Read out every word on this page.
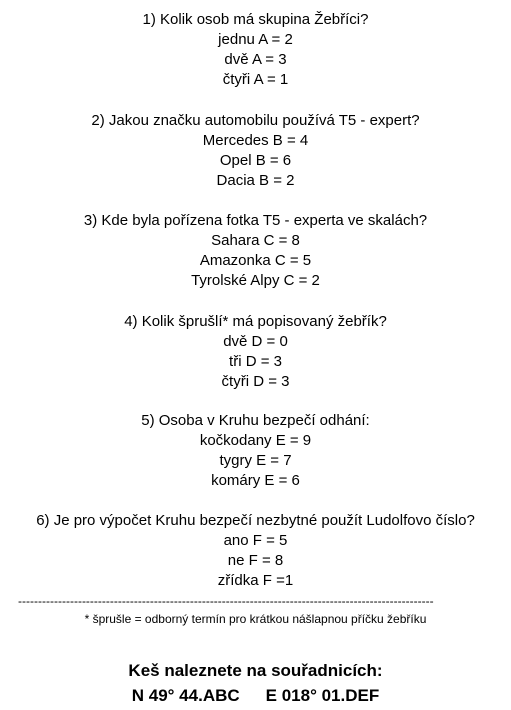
1) Kolik osob má skupina Žebříci?
jednu A = 2
dvě A = 3
čtyři A = 1
2) Jakou značku automobilu používá T5 - expert?
Mercedes B = 4
Opel B = 6
Dacia B = 2
3) Kde byla pořízena fotka T5 - experta ve skalách?
Sahara C = 8
Amazonka C = 5
Tyrolské Alpy C = 2
4) Kolik šprušlí* má popisovaný žebřík?
dvě D = 0
tři D = 3
čtyři D = 3
5) Osoba v Kruhu bezpečí odhání:
kočkodany E = 9
tygry E = 7
komáry E = 6
6) Je pro výpočet Kruhu bezpečí nezbytné použít Ludolfovo číslo?
ano F = 5
ne F = 8
zřídka F =1
--------------------------------------------------------------------------------------------------------
* šprušle = odborný termín pro krátkou nášlapnou příčku žebříku
Keš naleznete na souřadnicích:
N 49° 44.ABC E 018° 01.DEF
